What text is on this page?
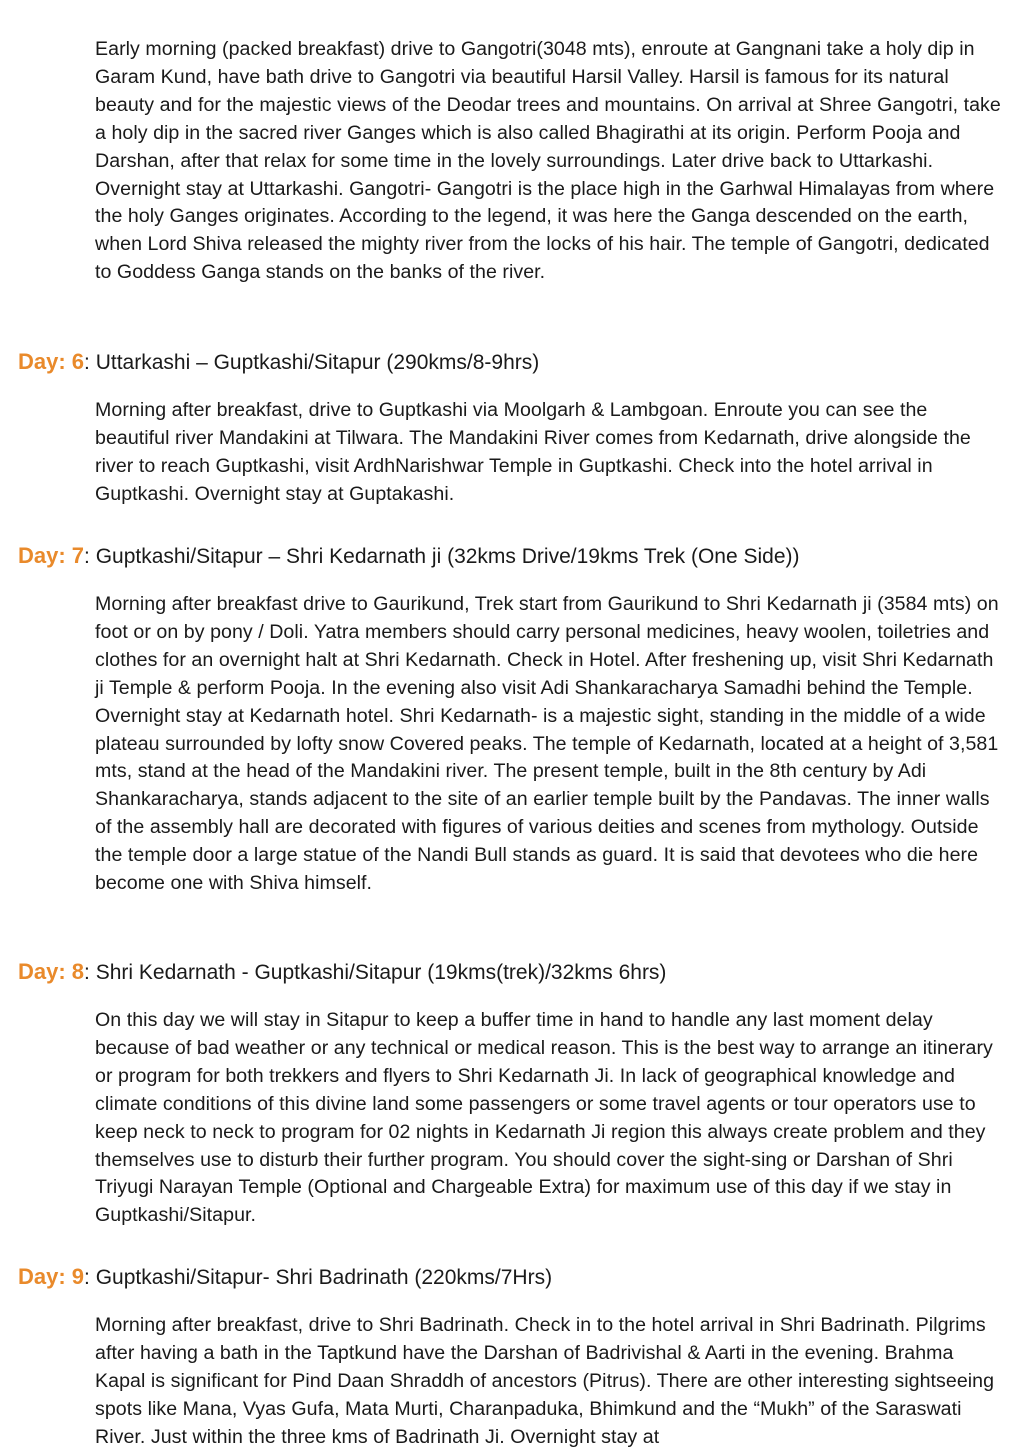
Early morning (packed breakfast) drive to Gangotri(3048 mts), enroute at Gangnani take a holy dip in Garam Kund, have bath drive to Gangotri via beautiful Harsil Valley. Harsil is famous for its natural beauty and for the majestic views of the Deodar trees and mountains. On arrival at Shree Gangotri, take a holy dip in the sacred river Ganges which is also called Bhagirathi at its origin. Perform Pooja and Darshan, after that relax for some time in the lovely surroundings. Later drive back to Uttarkashi. Overnight stay at Uttarkashi. Gangotri- Gangotri is the place high in the Garhwal Himalayas from where the holy Ganges originates. According to the legend, it was here the Ganga descended on the earth, when Lord Shiva released the mighty river from the locks of his hair. The temple of Gangotri, dedicated to Goddess Ganga stands on the banks of the river.

Day: 6: Uttarkashi – Guptkashi/Sitapur (290kms/8-9hrs)

Morning after breakfast, drive to Guptkashi via Moolgarh & Lambgoan. Enroute you can see the beautiful river Mandakini at Tilwara. The Mandakini River comes from Kedarnath, drive alongside the river to reach Guptkashi, visit ArdhNarishwar Temple in Guptkashi. Check into the hotel arrival in Guptkashi. Overnight stay at Guptakashi.

Day: 7: Guptkashi/Sitapur – Shri Kedarnath ji (32kms Drive/19kms Trek (One Side))

Morning after breakfast drive to Gaurikund, Trek start from Gaurikund to Shri Kedarnath ji (3584 mts) on foot or on by pony / Doli. Yatra members should carry personal medicines, heavy woolen, toiletries and clothes for an overnight halt at Shri Kedarnath. Check in Hotel. After freshening up, visit Shri Kedarnath ji Temple & perform Pooja. In the evening also visit Adi Shankaracharya Samadhi behind the Temple. Overnight stay at Kedarnath hotel. Shri Kedarnath- is a majestic sight, standing in the middle of a wide plateau surrounded by lofty snow Covered peaks. The temple of Kedarnath, located at a height of 3,581 mts, stand at the head of the Mandakini river. The present temple, built in the 8th century by Adi Shankaracharya, stands adjacent to the site of an earlier temple built by the Pandavas. The inner walls of the assembly hall are decorated with figures of various deities and scenes from mythology. Outside the temple door a large statue of the Nandi Bull stands as guard. It is said that devotees who die here become one with Shiva himself.

Day: 8: Shri Kedarnath - Guptkashi/Sitapur (19kms(trek)/32kms 6hrs)

On this day we will stay in Sitapur to keep a buffer time in hand to handle any last moment delay because of bad weather or any technical or medical reason. This is the best way to arrange an itinerary or program for both trekkers and flyers to Shri Kedarnath Ji. In lack of geographical knowledge and climate conditions of this divine land some passengers or some travel agents or tour operators use to keep neck to neck to program for 02 nights in Kedarnath Ji region this always create problem and they themselves use to disturb their further program. You should cover the sight-sing or Darshan of Shri Triyugi Narayan Temple (Optional and Chargeable Extra) for maximum use of this day if we stay in Guptkashi/Sitapur.

Day: 9: Guptkashi/Sitapur- Shri Badrinath (220kms/7Hrs)

Morning after breakfast, drive to Shri Badrinath. Check in to the hotel arrival in Shri Badrinath. Pilgrims after having a bath in the Taptkund have the Darshan of Badrivishal & Aarti in the evening. Brahma Kapal is significant for Pind Daan Shraddh of ancestors (Pitrus). There are other interesting sightseeing spots like Mana, Vyas Gufa, Mata Murti, Charanpaduka, Bhimkund and the “Mukh” of the Saraswati River. Just within the three kms of Badrinath Ji. Overnight stay at
